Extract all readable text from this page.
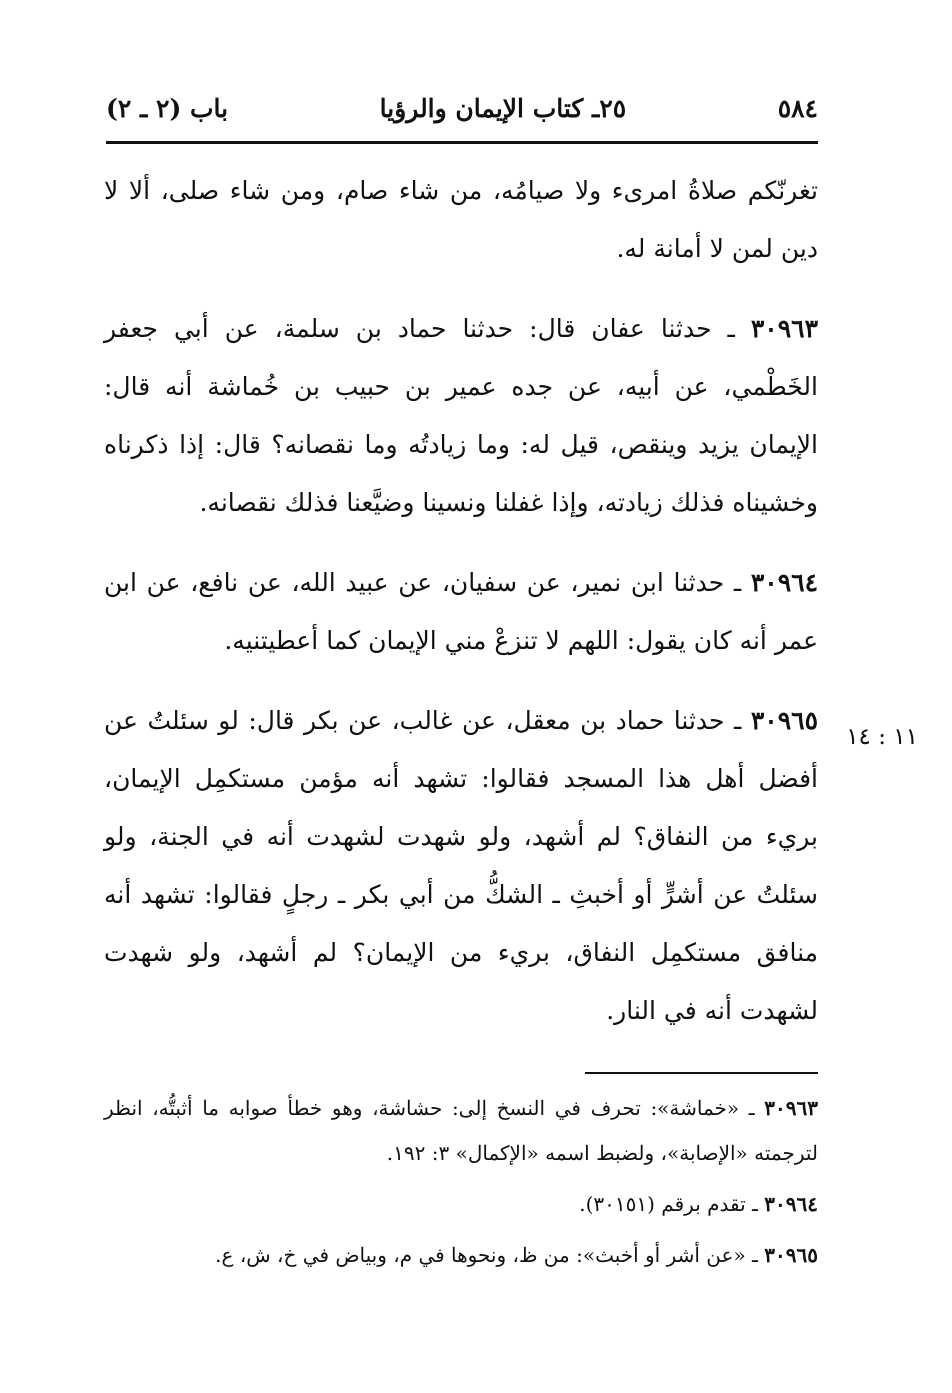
٥٨٤
٢٥ـ كتاب الإيمان والرؤيا
باب (٢ ـ ٢)

تغرنّكم صلاةُ امرىء ولا صيامُه، من شاء صام، ومن شاء صلى، ألا لا دين لمن لا أمانة له.

٣٠٩٦٣ ـ حدثنا عفان قال: حدثنا حماد بن سلمة، عن أبي جعفر الخَطْمي، عن أبيه، عن جده عمير بن حبيب بن خُماشة أنه قال: الإيمان يزيد وينقص، قيل له: وما زيادتُه وما نقصانه؟ قال: إذا ذكرناه وخشيناه فذلك زيادته، وإذا غفلنا ونسينا وضيَّعنا فذلك نقصانه.

٣٠٩٦٤ ـ حدثنا ابن نمير، عن سفيان، عن عبيد الله، عن نافع، عن ابن عمر أنه كان يقول: اللهم لا تنزعْ مني الإيمان كما أعطيتنيه.

٣٠٩٦٥ ـ حدثنا حماد بن معقل، عن غالب، عن بكر قال: لو سئلتُ عن أفضل أهل هذا المسجد فقالوا: تشهد أنه مؤمن مستكمِل الإيمان، بريء من النفاق؟ لم أشهد، ولو شهدت لشهدت أنه في الجنة، ولو سئلتُ عن أشرٍّ أو أخبثِ ـ الشكُّ من أبي بكر ـ رجلٍ فقالوا: تشهد أنه منافق مستكمِل النفاق، بريء من الإيمان؟ لم أشهد، ولو شهدت لشهدت أنه في النار.

١١ : ١٤

٣٠٩٦٣ ـ «خماشة»: تحرف في النسخ إلى: حشاشة، وهو خطأ صوابه ما أثبتُّه، انظر لترجمته «الإصابة»، ولضبط اسمه «الإكمال» ٣: ١٩٢.

٣٠٩٦٤ ـ تقدم برقم (٣٠١٥١).

٣٠٩٦٥ ـ «عن أشر أو أخبث»: من ظ، ونحوها في م، وبياض في خ، ش، ع.
